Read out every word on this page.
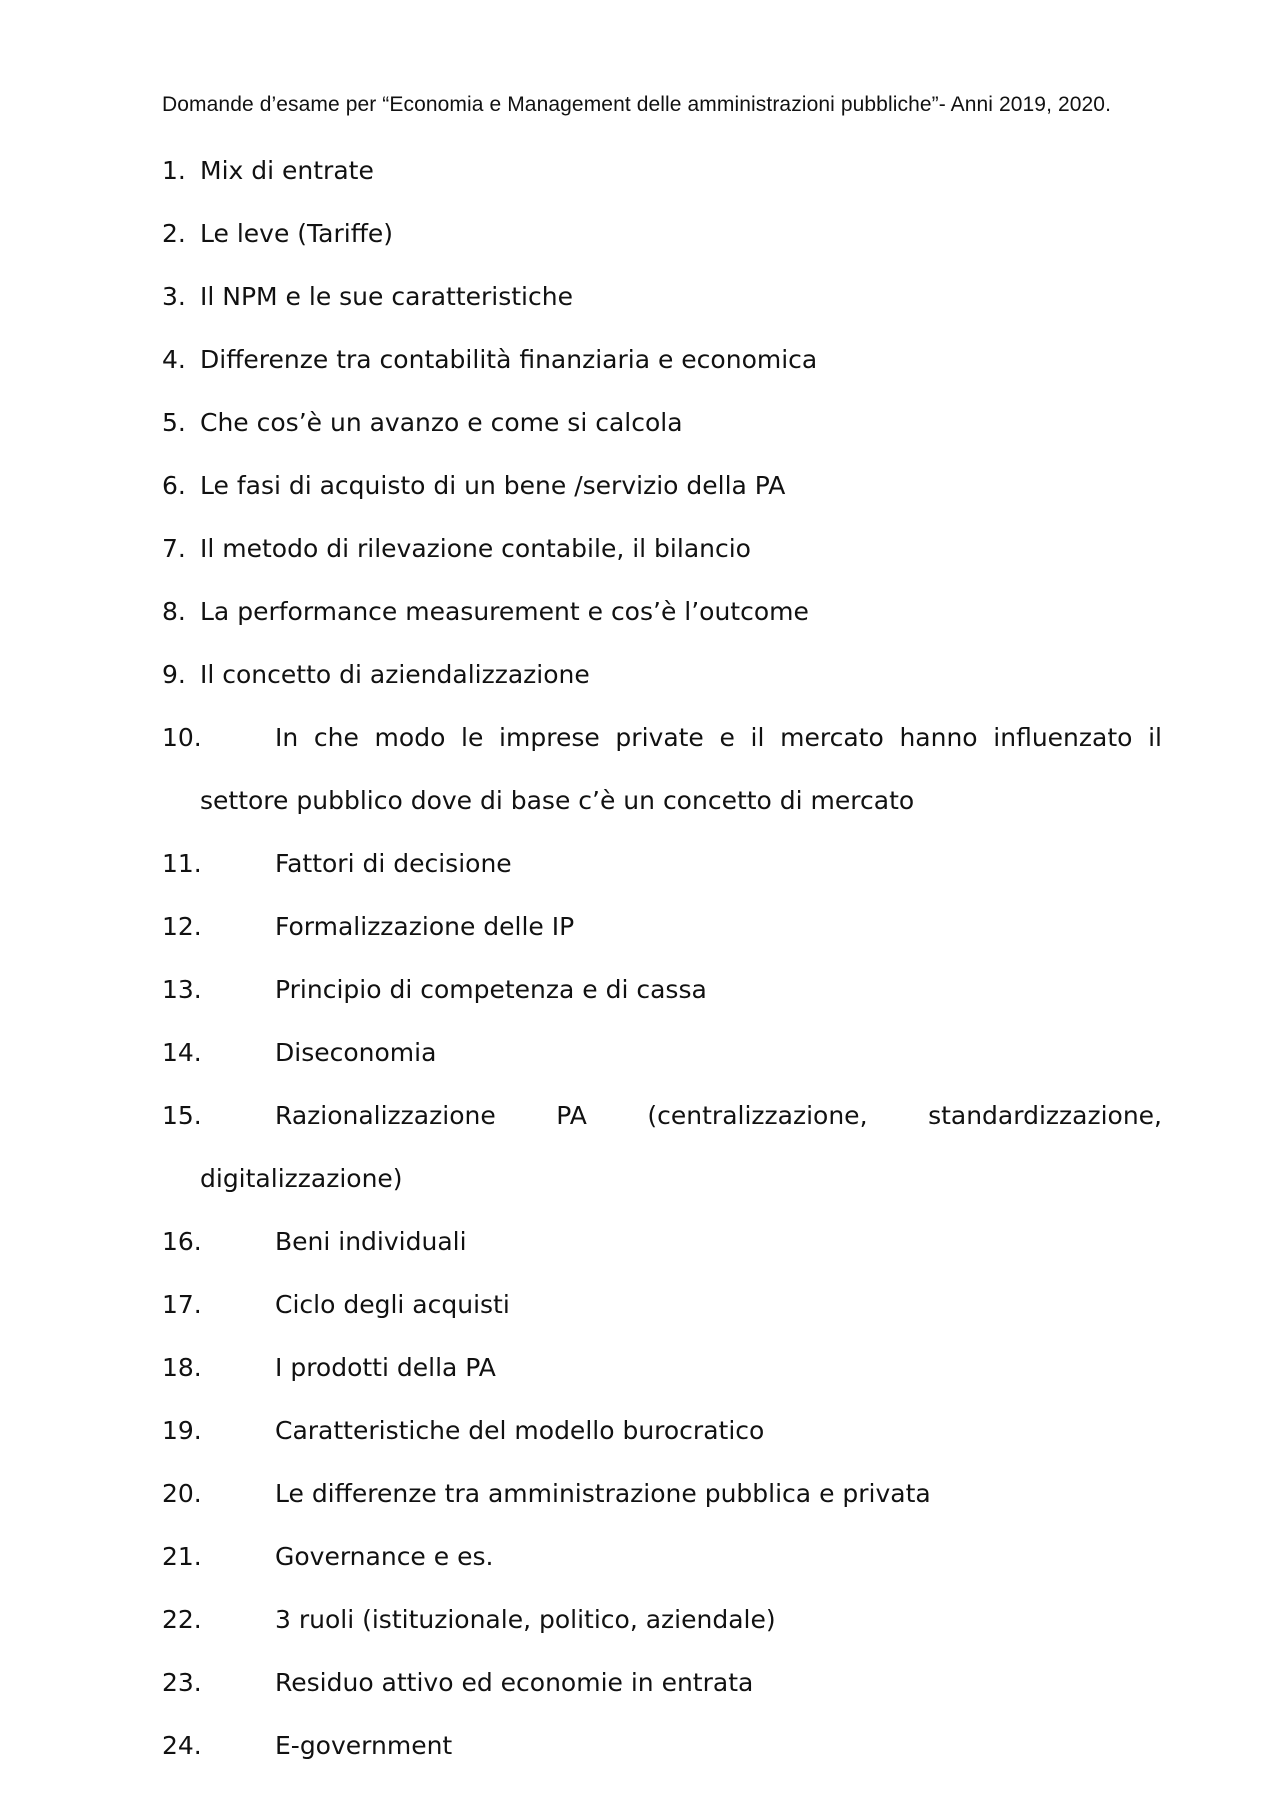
Domande d’esame per “Economia e Management delle amministrazioni pubbliche”- Anni 2019, 2020.
1. Mix di entrate
2. Le leve (Tariffe)
3. Il NPM e le sue caratteristiche
4. Differenze tra contabilità finanziaria e economica
5. Che cos’è un avanzo e come si calcola
6. Le fasi di acquisto di un bene /servizio della PA
7. Il metodo di rilevazione contabile, il bilancio
8. La performance measurement e cos’è l’outcome
9. Il concetto di aziendalizzazione
10.	In che modo le imprese private e il mercato hanno influenzato il settore pubblico dove di base c’è un concetto di mercato
11.	Fattori di decisione
12.	Formalizzazione delle IP
13.	Principio di competenza e di cassa
14.	Diseconomia
15.	Razionalizzazione PA (centralizzazione, standardizzazione, digitalizzazione)
16.	Beni individuali
17.	Ciclo degli acquisti
18.	I prodotti della PA
19.	Caratteristiche del modello burocratico
20.	Le differenze tra amministrazione pubblica e privata
21.	Governance e es.
22.	3 ruoli (istituzionale, politico, aziendale)
23.	Residuo attivo ed economie in entrata
24.	E-government
